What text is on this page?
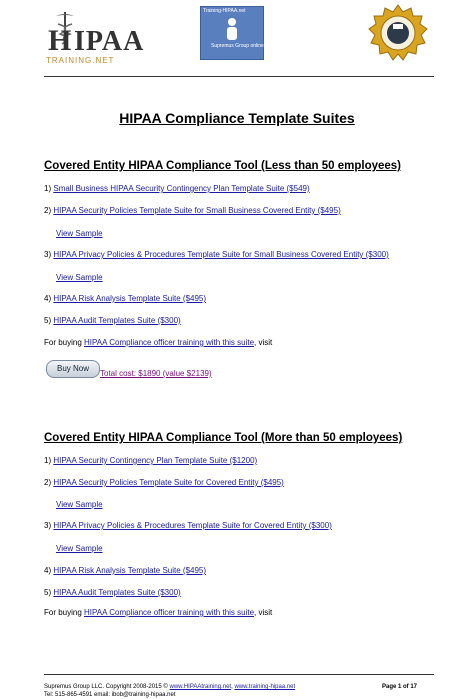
H IPAA
TRAINING.NET
Training-HIPAA.net
Supremus Group online
HIPAA Compliance Template Suites
Covered Entity HIPAA Compliance Tool (Less than 50 employees)
1) Small Business HIPAA Security Contingency Plan Template Suite ($549)
2) HIPAA Security Policies Template Suite for Small Business Covered Entity ($495)
View Sample
3) HIPAA Privacy Policies & Procedures Template Suite for Small Business Covered Entity ($300)
View Sample
4) HIPAA Risk Analysis Template Suite ($495)
5) HIPAA Audit Templates Suite ($300)
For buying HIPAA Compliance officer training with this suite, visit
Buy Now
Total cost: $1890 (value $2139)
Covered Entity HIPAA Compliance Tool (More than 50 employees)
1) HIPAA Security Contingency Plan Template Suite ($1200)
2) HIPAA Security Policies Template Suite for Covered Entity ($495)
View Sample
3) HIPAA Privacy Policies & Procedures Template Suite for Covered Entity ($300)
View Sample
4) HIPAA Risk Analysis Template Suite ($495)
5) HIPAA Audit Templates Suite ($300)
For buying HIPAA Compliance officer training with this suite, visit
Supremus Group LLC. Copyright 2008-2015 © www.HIPAAtraining.net, www.training-hipaa.net
Tel: 515-865-4591 email: ibob@training-hipaa.net
Page 1 of 17
